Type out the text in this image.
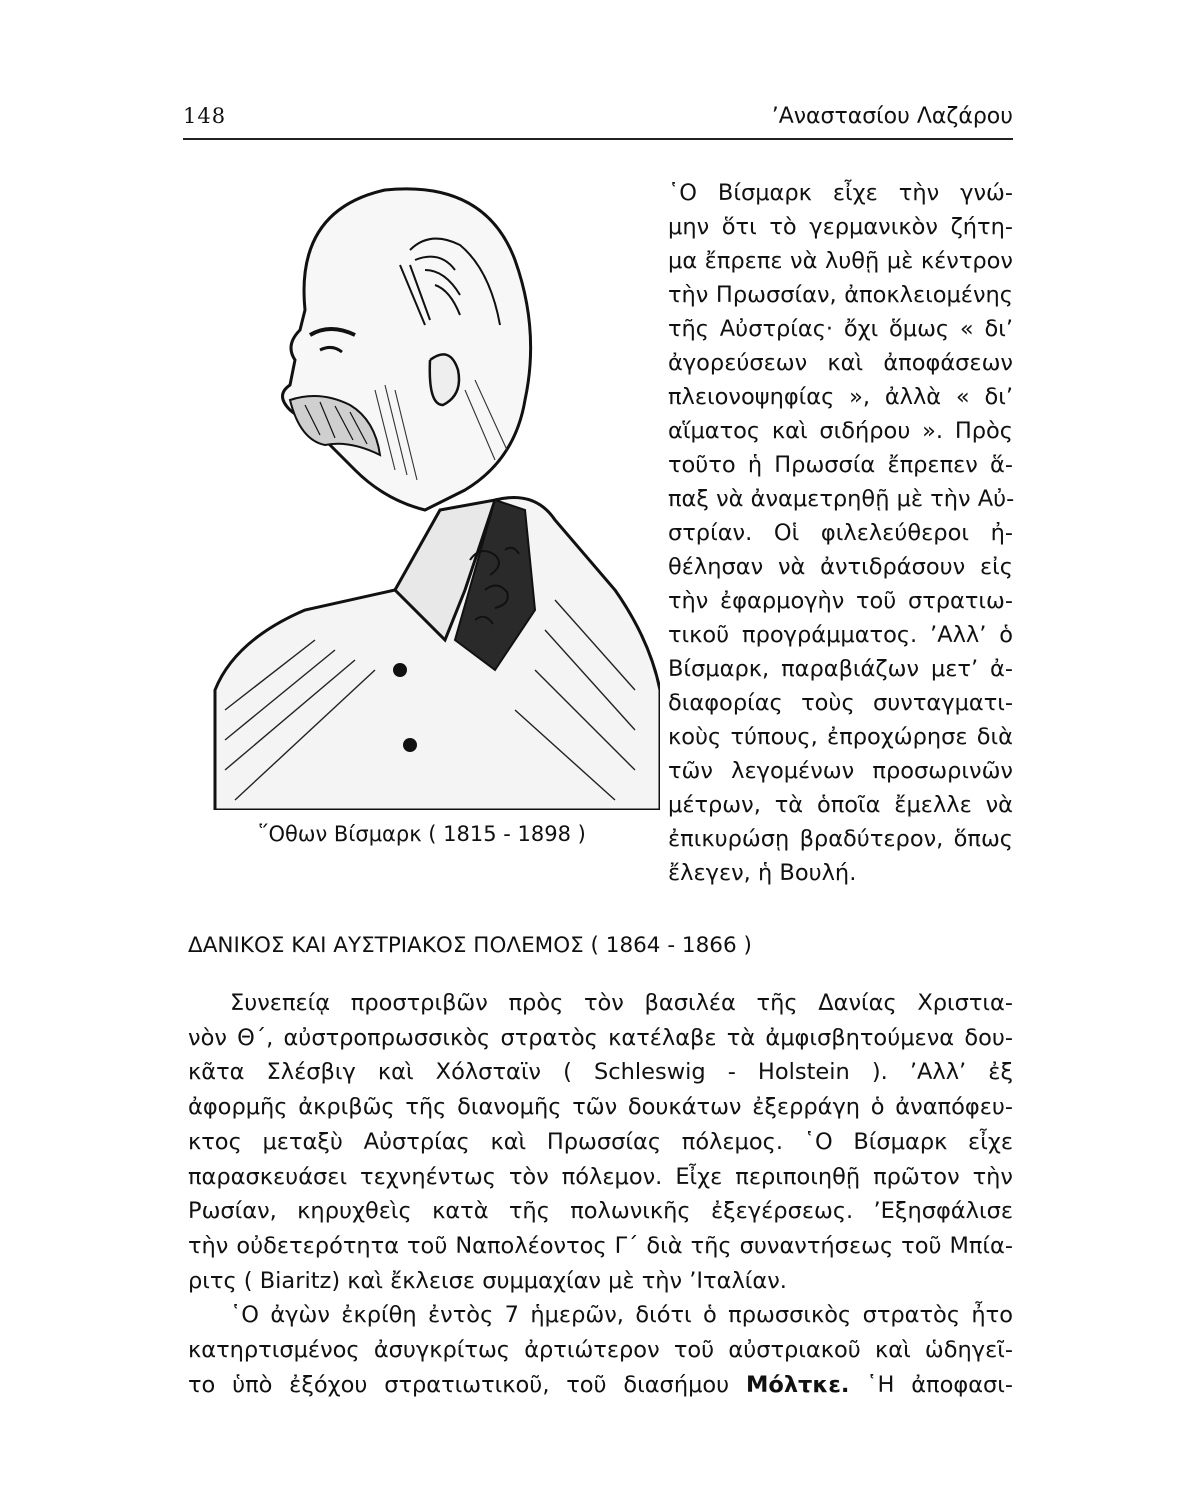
148	’Αναστασίου Λαζάρου
῞Οθων Βίσμαρκ ( 1815 - 1898 )
῾Ο Βίσμαρκ εἶχε τὴν γνώ-
μην ὅτι τὸ γερμανικὸν ζήτη-
μα ἔπρεπε νὰ λυθῇ μὲ κέντρον
τὴν Πρωσσίαν, ἀποκλειομένης
τῆς Αὐστρίας· ὄχι ὅμως « δι’
ἀγορεύσεων καὶ ἀποφάσεων
πλειονοψηφίας », ἀλλὰ « δι’
αἵματος καὶ σιδήρου ». Πρὸς
τοῦτο ἡ Πρωσσία ἔπρεπεν ἅ-
παξ νὰ ἀναμετρηθῇ μὲ τὴν Αὐ-
στρίαν. Οἱ φιλελεύθεροι ἠ-
θέλησαν νὰ ἀντιδράσουν εἰς
τὴν ἐφαρμογὴν τοῦ στρατιω-
τικοῦ προγράμματος. ’Αλλ’ ὁ
Βίσμαρκ, παραβιάζων μετ’ ἀ-
διαφορίας τοὺς συνταγματι-
κοὺς τύπους, ἐπροχώρησε διὰ
τῶν λεγομένων προσωρινῶν
μέτρων, τὰ ὁποῖα ἔμελλε νὰ
ἐπικυρώσῃ βραδύτερον, ὅπως
ἔλεγεν, ἡ Βουλή.
ΔΑΝΙΚΟΣ ΚΑΙ ΑΥΣΤΡΙΑΚΟΣ ΠΟΛΕΜΟΣ ( 1864 - 1866 )
Συνεπείᾳ προστριβῶν πρὸς τὸν βασιλέα τῆς Δανίας Χριστια-
νὸν Θ΄, αὐστροπρωσσικὸς στρατὸς κατέλαβε τὰ ἀμφισβητούμενα δου-
κᾶτα Σλέσβιγ καὶ Χόλσταϊν ( Schleswig - Holstein ). ’Αλλ’ ἐξ
ἀφορμῆς ἀκριβῶς τῆς διανομῆς τῶν δουκάτων ἐξερράγη ὁ ἀναπόφευ-
κτος μεταξὺ Αὐστρίας καὶ Πρωσσίας πόλεμος. ῾Ο Βίσμαρκ εἶχε
παρασκευάσει τεχνηέντως τὸν πόλεμον. Εἶχε περιποιηθῇ πρῶτον τὴν
Ρωσίαν, κηρυχθεὶς κατὰ τῆς πολωνικῆς ἐξεγέρσεως. ’Εξησφάλισε
τὴν οὐδετερότητα τοῦ Ναπολέοντος Γ΄ διὰ τῆς συναντήσεως τοῦ Μπία-
ριτς ( Biaritz) καὶ ἔκλεισε συμμαχίαν μὲ τὴν ’Ιταλίαν.
῾Ο ἀγὼν ἐκρίθη ἐντὸς 7 ἡμερῶν, διότι ὁ πρωσσικὸς στρατὸς ἦτο
κατηρτισμένος ἀσυγκρίτως ἀρτιώτερον τοῦ αὐστριακοῦ καὶ ὡδηγεῖ-
το ὑπὸ ἐξόχου στρατιωτικοῦ, τοῦ διασήμου Μόλτκε. ῾Η ἀποφασι-
